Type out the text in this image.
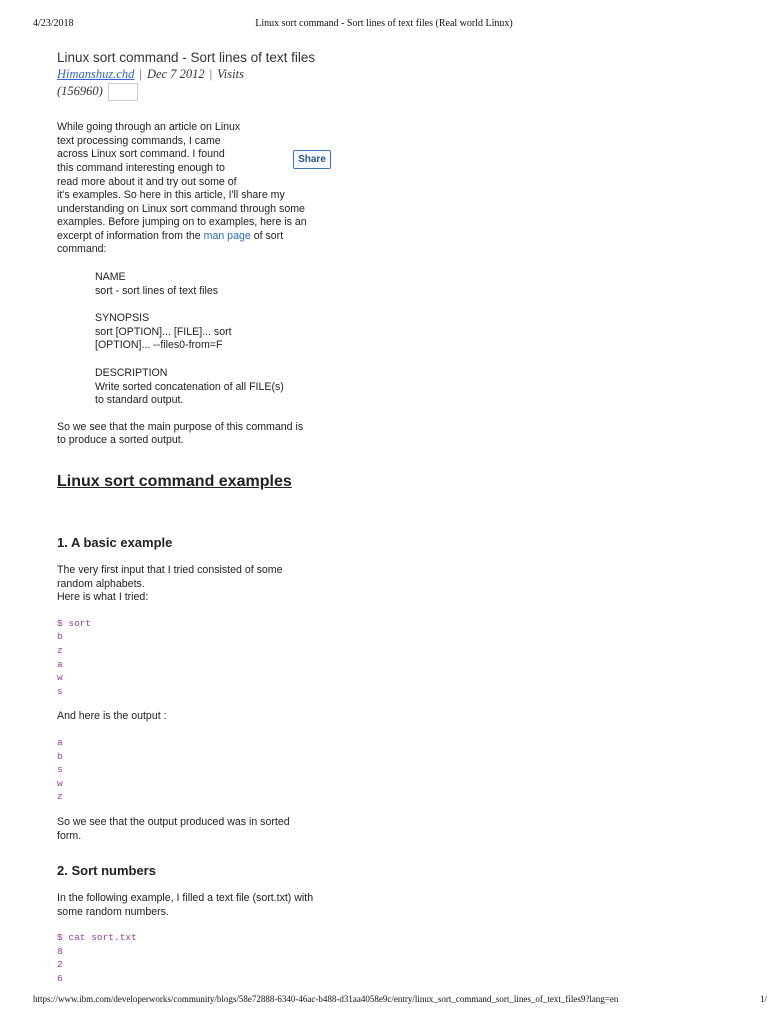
4/23/2018	Linux sort command - Sort lines of text files (Real world Linux)
Linux sort command - Sort lines of text files
Himanshuz.chd | Dec 7 2012 | Visits
(156960)
Share
While going through an article on Linux
text processing commands, I came
across Linux sort command. I found
this command interesting enough to
read more about it and try out some of
it's examples. So here in this article, I'll share my
understanding on Linux sort command through some
examples. Before jumping on to examples, here is an
excerpt of information from the man page of sort
command:
NAME
sort - sort lines of text files
SYNOPSIS
sort [OPTION]... [FILE]... sort
[OPTION]... --files0-from=F
DESCRIPTION
Write sorted concatenation of all FILE(s)
to standard output.
So we see that the main purpose of this command is
to produce a sorted output.
Linux sort command examples
1. A basic example
The very first input that I tried consisted of some
random alphabets.
Here is what I tried:
$ sort
b
z
a
w
s
And here is the output :
a
b
s
w
z
So we see that the output produced was in sorted
form.
2. Sort numbers
In the following example, I filled a text file (sort.txt) with
some random numbers.
$ cat sort.txt
8
2
6
https://www.ibm.com/developerworks/community/blogs/58e72888-6340-46ac-b488-d31aa4058e9c/entry/linux_sort_command_sort_lines_of_text_files9?lang=en	1/
